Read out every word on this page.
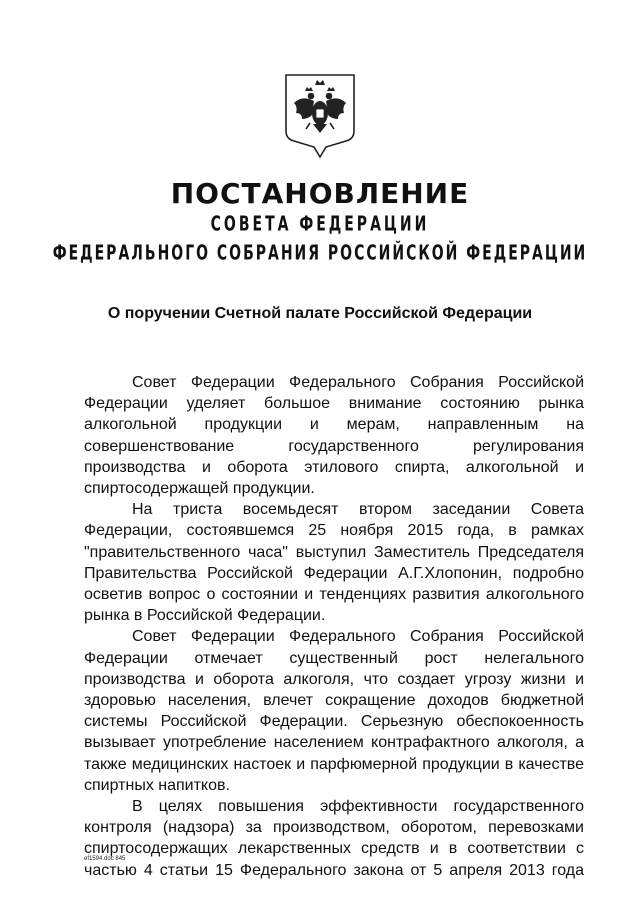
ПОСТАНОВЛЕНИЕ
СОВЕТА ФЕДЕРАЦИИ
ФЕДЕРАЛЬНОГО СОБРАНИЯ РОССИЙСКОЙ ФЕДЕРАЦИИ
О поручении Счетной палате Российской Федерации

Совет Федерации Федерального Собрания Российской Федерации уделяет большое внимание состоянию рынка алкогольной продукции и мерам, направленным на совершенствование государственного регулирования производства и оборота этилового спирта, алкогольной и спиртосодержащей продукции.

На триста восемьдесят втором заседании Совета Федерации, состоявшемся 25 ноября 2015 года, в рамках "правительственного часа" выступил Заместитель Председателя Правительства Российской Федерации А.Г.Хлопонин, подробно осветив вопрос о состоянии и тенденциях развития алкогольного рынка в Российской Федерации.

Совет Федерации Федерального Собрания Российской Федерации отмечает существенный рост нелегального производства и оборота алкоголя, что создает угрозу жизни и здоровью населения, влечет сокращение доходов бюджетной системы Российской Федерации. Серьезную обеспокоенность вызывает употребление населением контрафактного алкоголя, а также медицинских настоек и парфюмерной продукции в качестве спиртных напитков.

В целях повышения эффективности государственного контроля (надзора) за производством, оборотом, перевозками спиртосодержащих лекарственных средств и в соответствии с частью 4 статьи 15 Федерального закона от 5 апреля 2013 года

ef1594.doc 845
